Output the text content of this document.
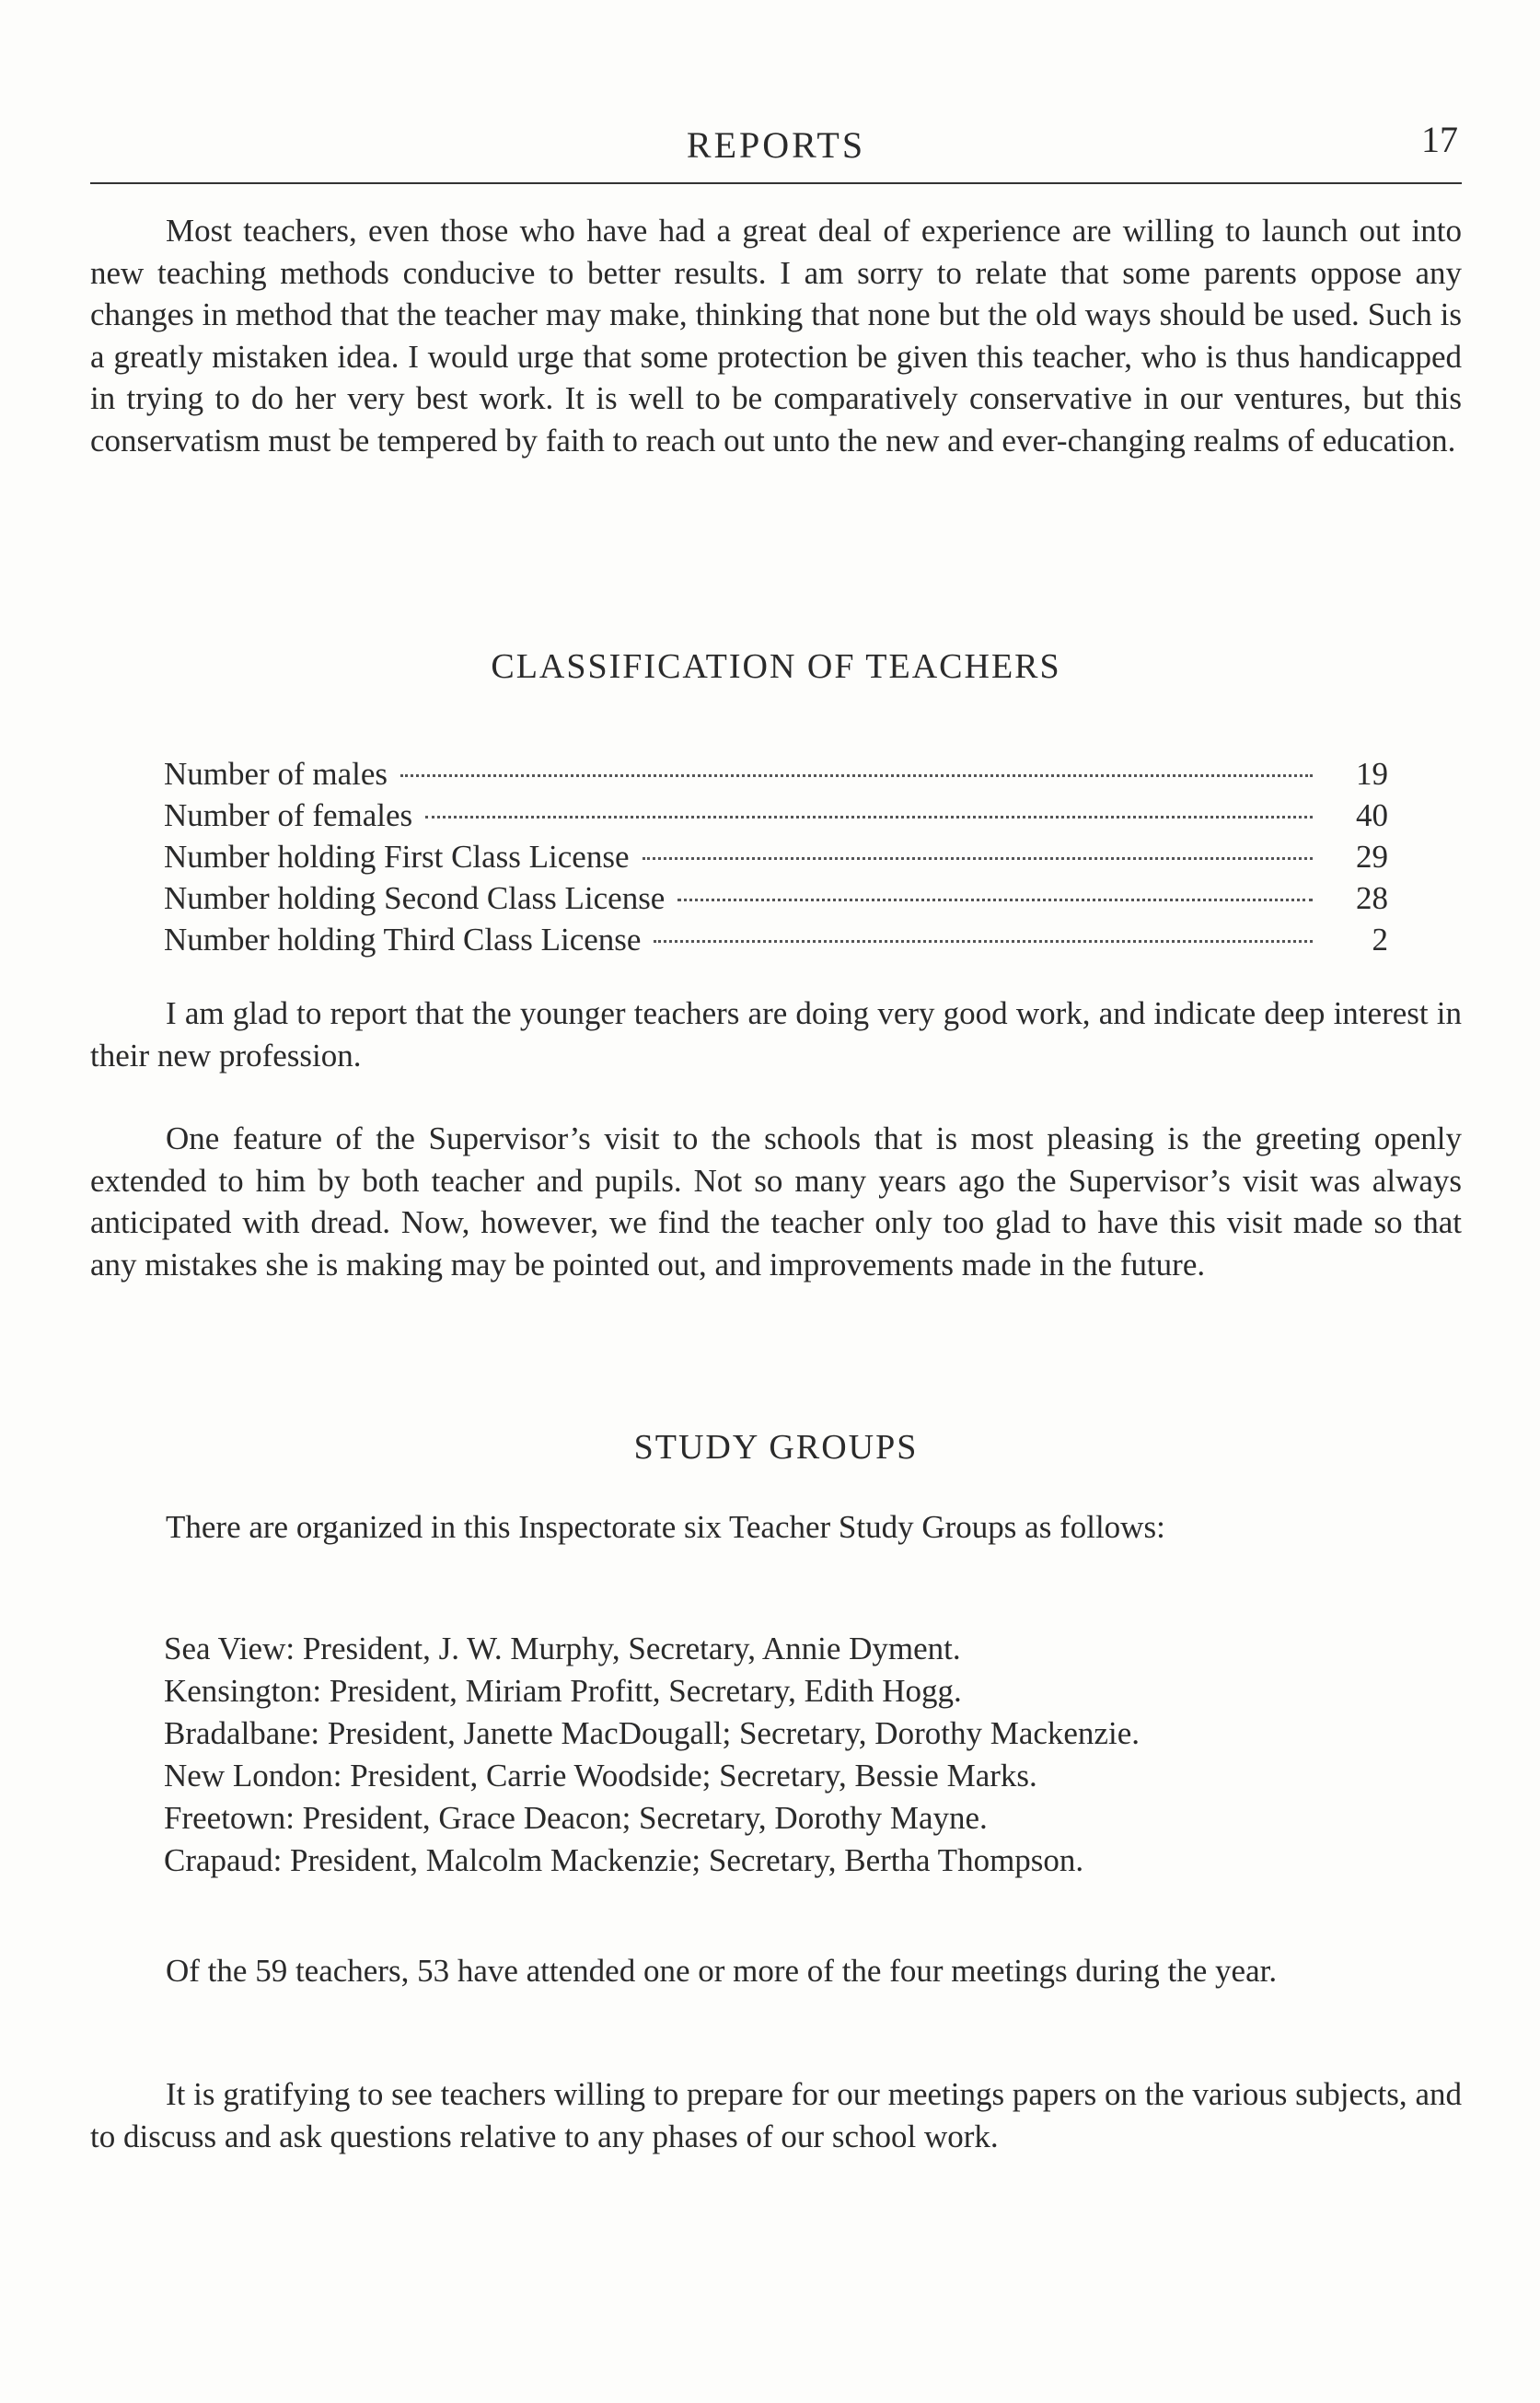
REPORTS	17

Most teachers, even those who have had a great deal of experience are willing to launch out into new teaching methods conducive to better results. I am sorry to relate that some parents oppose any changes in method that the teacher may make, thinking that none but the old ways should be used. Such is a greatly mistaken idea. I would urge that some protection be given this teacher, who is thus handicapped in trying to do her very best work. It is well to be comparatively conservative in our ventures, but this conservatism must be tempered by faith to reach out unto the new and ever-changing realms of education.

CLASSIFICATION OF TEACHERS
Number of males	19
Number of females	40
Number holding First Class License	29
Number holding Second Class License	28
Number holding Third Class License	2

I am glad to report that the younger teachers are doing very good work, and indicate deep interest in their new profession.

One feature of the Supervisor’s visit to the schools that is most pleasing is the greeting openly extended to him by both teacher and pupils. Not so many years ago the Supervisor’s visit was always anticipated with dread. Now, however, we find the teacher only too glad to have this visit made so that any mistakes she is making may be pointed out, and improvements made in the future.

STUDY GROUPS

There are organized in this Inspectorate six Teacher Study Groups as follows:

Sea View: President, J. W. Murphy, Secretary, Annie Dyment.
Kensington: President, Miriam Profitt, Secretary, Edith Hogg.
Bradalbane: President, Janette MacDougall; Secretary, Dorothy Mackenzie.
New London: President, Carrie Woodside; Secretary, Bessie Marks.
Freetown: President, Grace Deacon; Secretary, Dorothy Mayne.
Crapaud: President, Malcolm Mackenzie; Secretary, Bertha Thompson.

Of the 59 teachers, 53 have attended one or more of the four meetings during the year.

It is gratifying to see teachers willing to prepare for our meetings papers on the various subjects, and to discuss and ask questions relative to any phases of our school work.
